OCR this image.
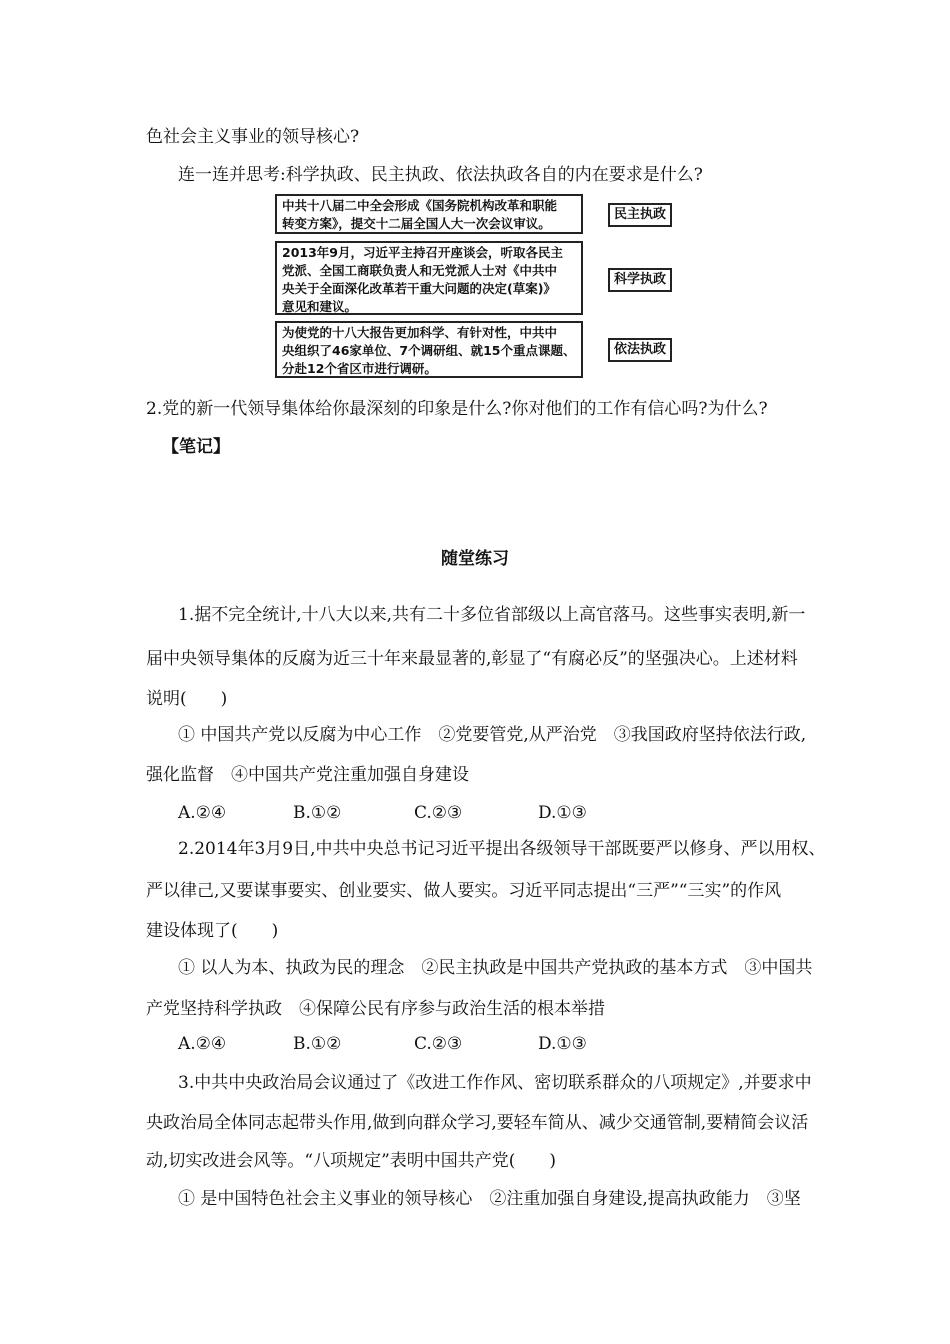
色社会主义事业的领导核心?
连一连并思考:科学执政、民主执政、依法执政各自的内在要求是什么?
中共十八届二中全会形成《国务院机构改革和职能
转变方案》，提交十二届全国人大一次会议审议。
2013年9月，习近平主持召开座谈会，听取各民主
党派、全国工商联负责人和无党派人士对《中共中
央关于全面深化改革若干重大问题的决定(草案)》
意见和建议。
为使党的十八大报告更加科学、有针对性，中共中
央组织了46家单位、7个调研组、就15个重点课题、
分赴12个省区市进行调研。
民主执政
科学执政
依法执政
2.党的新一代领导集体给你最深刻的印象是什么?你对他们的工作有信心吗?为什么?
【笔记】
随堂练习
1.据不完全统计,十八大以来,共有二十多位省部级以上高官落马。这些事实表明,新一
届中央领导集体的反腐为近三十年来最显著的,彰显了“有腐必反”的坚强决心。上述材料
说明(　　)
① 中国共产党以反腐为中心工作　②党要管党,从严治党　③我国政府坚持依法行政,
强化监督　④中国共产党注重加强自身建设
A.②④	B.①②	C.②③	D.①③
2.2014年3月9日,中共中央总书记习近平提出各级领导干部既要严以修身、严以用权、
严以律己,又要谋事要实、创业要实、做人要实。习近平同志提出“三严”“三实”的作风
建设体现了(　　)
① 以人为本、执政为民的理念　②民主执政是中国共产党执政的基本方式　③中国共
产党坚持科学执政　④保障公民有序参与政治生活的根本举措
A.②④	B.①②	C.②③	D.①③
3.中共中央政治局会议通过了《改进工作作风、密切联系群众的八项规定》,并要求中
央政治局全体同志起带头作用,做到向群众学习,要轻车简从、减少交通管制,要精简会议活
动,切实改进会风等。“八项规定”表明中国共产党(　　)
① 是中国特色社会主义事业的领导核心　②注重加强自身建设,提高执政能力　③坚
